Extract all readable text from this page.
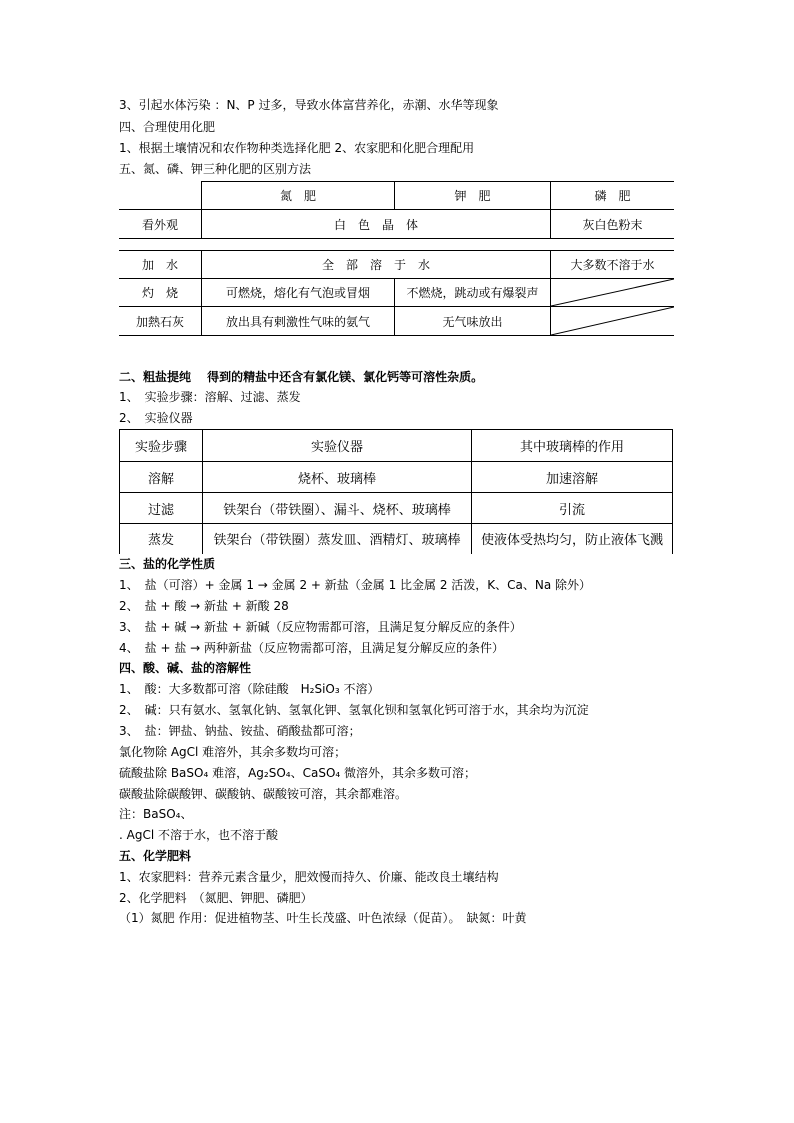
3、引起水体污染 ：N、P 过多，导致水体富营养化，赤潮、水华等现象
四、合理使用化肥
1、根据土壤情况和农作物种类选择化肥 2、农家肥和化肥合理配用
五、氮、磷、钾三种化肥的区别方法
	氮　肥	钾　肥	磷　肥
看外观	白　色　晶　体		灰白色粉末
加　水	全　部　溶　于　水		大多数不溶于水
灼　烧	可燃烧，熔化有气泡或冒烟	不燃烧，跳动或有爆裂声	

加熱石灰	放出具有剌激性气味的氨气	无气味放出	
二、粗盐提纯　 得到的精盐中还含有氯化镁、氯化钙等可溶性杂质。
1、　实验步骤：溶解、过滤、蒸发
2、　实验仪器
实验步骤	实验仪器	其中玻璃棒的作用
溶解	烧杯、玻璃棒	加速溶解
过滤	铁架台（带铁圈）、漏斗、烧杯、玻璃棒	引流
蒸发	铁架台（带铁圈）蒸发皿、酒精灯、玻璃棒	使液体受热均匀，防止液体飞溅
三、盐的化学性质
1、　盐（可溶）+ 金属 1 → 金属 2 + 新盐（金属 1 比金属 2 活泼，K、Ca、Na 除外）
2、　盐 + 酸 → 新盐 + 新酸 28
3、　盐 + 碱 → 新盐 + 新碱（反应物需都可溶，且满足复分解反应的条件）
4、　盐 + 盐 → 两种新盐（反应物需都可溶，且满足复分解反应的条件）
四、酸、碱、盐的溶解性
1、　酸：大多数都可溶（除硅酸　H₂SiO₃ 不溶）
2、　碱：只有氨水、氢氧化钠、氢氧化钾、氢氧化钡和氢氧化钙可溶于水，其余均为沉淀
3、　盐：钾盐、钠盐、铵盐、硝酸盐都可溶；
氯化物除 AgCl 难溶外，其余多数均可溶；
硫酸盐除 BaSO₄ 难溶，Ag₂SO₄、CaSO₄ 微溶外，其余多数可溶；
碳酸盐除碳酸钾、碳酸钠、碳酸铵可溶，其余都难溶。
注：BaSO₄、
. AgCl 不溶于水，也不溶于酸
五、化学肥料
1、农家肥料：营养元素含量少，肥效慢而持久、价廉、能改良土壤结构
2、化学肥料　（氮肥、钾肥、磷肥）
（1）氮肥 作用：促进植物茎、叶生长茂盛、叶色浓绿（促苗）。　缺氮：叶黄
